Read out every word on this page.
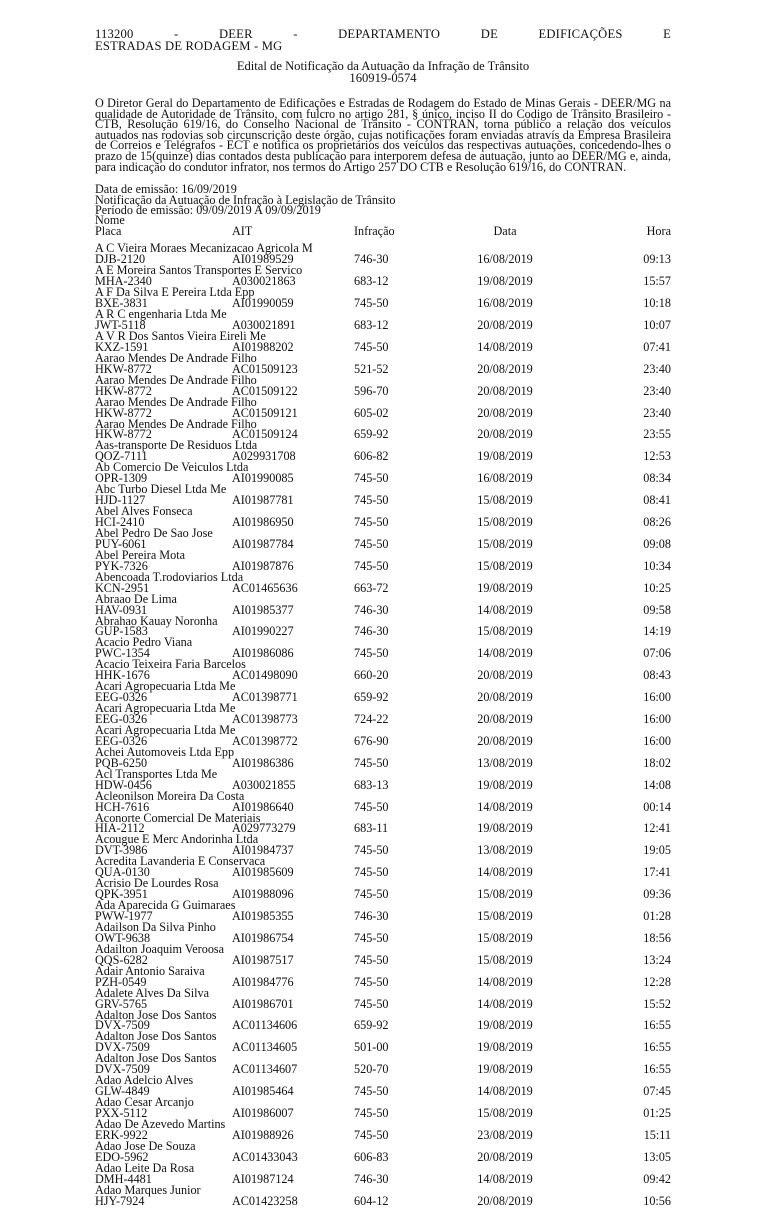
113200 - DEER - DEPARTAMENTO DE EDIFICAÇÕES E
ESTRADAS DE RODAGEM - MG
Edital de Notificação da Autuação da Infração de Trânsito
160919-0574
O Diretor Geral do Departamento de Edificações e Estradas de Rodagem do Estado de Minas Gerais - DEER/MG na qualidade de Autoridade de Trânsito, com fulcro no artigo 281, § único, inciso II do Codigo de Trânsito Brasileiro - CTB, Resolução 619/16, do Conselho Nacional de Trânsito - CONTRAN, torna público a relação dos veículos autuados nas rodovias sob circunscrição deste órgão, cujas notificações foram enviadas atravís da Empresa Brasileira de Correios e Telégrafos - ECT e notifica os proprietários dos veículos das respectivas autuações, concedendo-lhes o prazo de 15(quinze) dias contados desta publicação para interporem defesa de autuação, junto ao DEER/MG e, ainda, para indicação do condutor infrator, nos termos do Artigo 257 DO CTB e Resolução 619/16, do CONTRAN.
Data de emissão: 16/09/2019
Notificação da Autuação de Infração à Legislação de Trânsito
Período de emissão: 09/09/2019 A 09/09/2019
Nome
Placa	AIT	Infração	Data	Hora
A C Vieira Moraes Mecanizacao Agricola M
DJB-2120	AI01989529	746-30	16/08/2019	09:13
A E Moreira Santos Transportes E Servico
MHA-2340	A030021863	683-12	19/08/2019	15:57
A F Da Silva E Pereira Ltda Epp
BXE-3831	AI01990059	745-50	16/08/2019	10:18
A R C engenharia Ltda Me
JWT-5118	A030021891	683-12	20/08/2019	10:07
A V R Dos Santos Vieira Eireli Me
KXZ-1591	AI01988202	745-50	14/08/2019	07:41
Aarao Mendes De Andrade Filho
HKW-8772	AC01509123	521-52	20/08/2019	23:40
Aarao Mendes De Andrade Filho
HKW-8772	AC01509122	596-70	20/08/2019	23:40
Aarao Mendes De Andrade Filho
HKW-8772	AC01509121	605-02	20/08/2019	23:40
Aarao Mendes De Andrade Filho
HKW-8772	AC01509124	659-92	20/08/2019	23:55
Aas-transporte De Residuos Ltda
QOZ-7111	A029931708	606-82	19/08/2019	12:53
Ab Comercio De Veiculos Ltda
OPR-1309	AI01990085	745-50	16/08/2019	08:34
Abc Turbo Diesel Ltda Me
HJD-1127	AI01987781	745-50	15/08/2019	08:41
Abel Alves Fonseca
HCI-2410	AI01986950	745-50	15/08/2019	08:26
Abel Pedro De Sao Jose
PUY-6061	AI01987784	745-50	15/08/2019	09:08
Abel Pereira Mota
PYK-7326	AI01987876	745-50	15/08/2019	10:34
Abencoada T.rodoviarios Ltda
KCN-2951	AC01465636	663-72	19/08/2019	10:25
Abraao De Lima
HAV-0931	AI01985377	746-30	14/08/2019	09:58
Abrahao Kauay Noronha
GUP-1583	AI01990227	746-30	15/08/2019	14:19
Acacio Pedro Viana
PWC-1354	AI01986086	745-50	14/08/2019	07:06
Acacio Teixeira Faria Barcelos
HHK-1676	AC01498090	660-20	20/08/2019	08:43
Acari Agropecuaria Ltda Me
EEG-0326	AC01398771	659-92	20/08/2019	16:00
Acari Agropecuaria Ltda Me
EEG-0326	AC01398773	724-22	20/08/2019	16:00
Acari Agropecuaria Ltda Me
EEG-0326	AC01398772	676-90	20/08/2019	16:00
Achei Automoveis Ltda Epp
PQB-6250	AI01986386	745-50	13/08/2019	18:02
Acl Transportes Ltda Me
HDW-0456	A030021855	683-13	19/08/2019	14:08
Acleonilson Moreira Da Costa
HCH-7616	AI01986640	745-50	14/08/2019	00:14
Aconorte Comercial De Materiais
HIA-2112	A029773279	683-11	19/08/2019	12:41
Acougue E Merc Andorinha Ltda
DVT-3986	AI01984737	745-50	13/08/2019	19:05
Acredita Lavanderia E Conservaca
QUA-0130	AI01985609	745-50	14/08/2019	17:41
Acrisio De Lourdes Rosa
QPK-3951	AI01988096	745-50	15/08/2019	09:36
Ada Aparecida G Guimaraes
PWW-1977	AI01985355	746-30	15/08/2019	01:28
Adailson Da Silva Pinho
OWT-9638	AI01986754	745-50	15/08/2019	18:56
Adailton Joaquim Veroosa
QQS-6282	AI01987517	745-50	15/08/2019	13:24
Adair Antonio Saraiva
PZH-0549	AI01984776	745-50	14/08/2019	12:28
Adalete Alves Da Silva
GRV-5765	AI01986701	745-50	14/08/2019	15:52
Adalton Jose Dos Santos
DVX-7509	AC01134606	659-92	19/08/2019	16:55
Adalton Jose Dos Santos
DVX-7509	AC01134605	501-00	19/08/2019	16:55
Adalton Jose Dos Santos
DVX-7509	AC01134607	520-70	19/08/2019	16:55
Adao Adelcio Alves
GLW-4849	AI01985464	745-50	14/08/2019	07:45
Adao Cesar Arcanjo
PXX-5112	AI01986007	745-50	15/08/2019	01:25
Adao De Azevedo Martins
ERK-9922	AI01988926	745-50	23/08/2019	15:11
Adao Jose De Souza
EDO-5962	AC01433043	606-83	20/08/2019	13:05
Adao Leite Da Rosa
DMH-4481	AI01987124	746-30	14/08/2019	09:42
Adao Marques Junior
HJY-7924	AC01423258	604-12	20/08/2019	10:56
